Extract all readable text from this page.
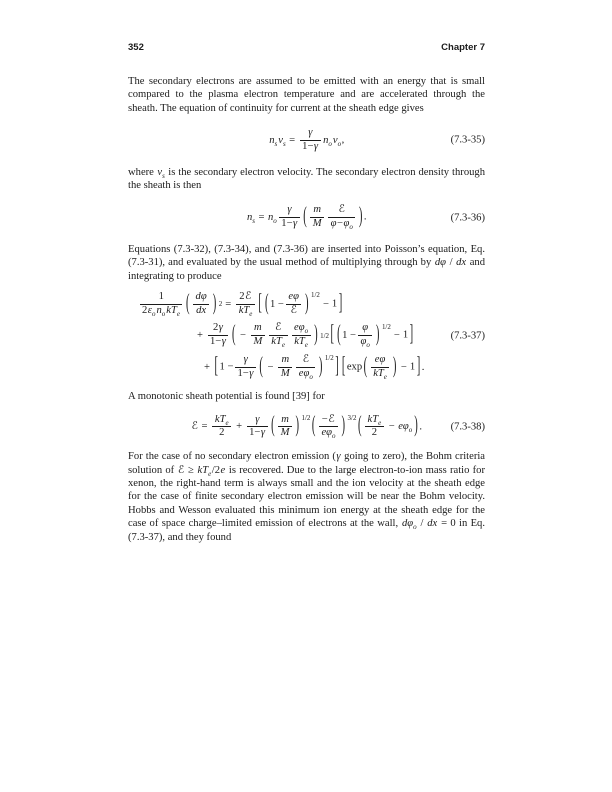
352	Chapter 7

The secondary electrons are assumed to be emitted with an energy that is small compared to the plasma electron temperature and are accelerated through the sheath. The equation of continuity for current at the sheath edge gives

$n_sv_s = \frac{\gamma}{1-\gamma} n_ov_o$,	(7.3-35)

where $v_s$ is the secondary electron velocity. The secondary electron density through the sheath is then

$n_s = n_o \frac{\gamma}{1-\gamma}$ ( $\frac{m}{M}$	ℰ
$\varphi-\varphi_o$ ) .	(7.3-36)

Equations (7.3-32), (7.3-34), and (7.3-36) are inserted into Poisson’s equation, Eq. (7.3-31), and evaluated by the usual method of multiplying through by dφ / dx and integrating to produce

1
$2\varepsilon_on_okT_e$ ( $\frac{d\varphi}{dx}$ ) 2 =
2ℰ
$kT_e$ [ ( 1 −
eφ
ℰ ) $^{1/2}$− 1 ]
+ $\frac{2\gamma}{1-\gamma}$ ( − $\frac{m}{M}$ ℰ
$kT_e$
$e\varphi_o$
$kT_e$ ) 1/2 [ ( $1 - \frac{\varphi}{\varphi_o}$ ) $^{1/2}$− 1 ]
+ [ $1 - \frac{\gamma}{1-\gamma}$ ( − $\frac{m}{M}$ ℰ
$e\varphi_o$ ) $^{1/2}$ ] [ exp ( eφ
$kT_e$ ) − 1 ] .
(7.3-37)

A monotonic sheath potential is found [39] for

ℰ =
$kT_e$
2
+ $\frac{\gamma}{1-\gamma}$ ( $\frac{m}{M}$ ) $^{1/2}$ ( −ℰ
$e\varphi_o$ ) $^{3/2}$ ( $kT_e$
2
− $e\varphi_o$ ) .	(7.3-38)

For the case of no secondary electron emission (γ going to zero), the Bohm criteria solution of ℰ ≥ $kT_e/2e$ is recovered. Due to the large electron-to-ion mass ratio for xenon, the right-hand term is always small and the ion velocity at the sheath edge for the case of finite secondary electron emission will be near the Bohm velocity. Hobbs and Wesson evaluated this minimum ion energy at the sheath edge for the case of space charge–limited emission of electrons at the wall, $d\varphi_o$ / dx = 0 in Eq. (7.3-37), and they found
